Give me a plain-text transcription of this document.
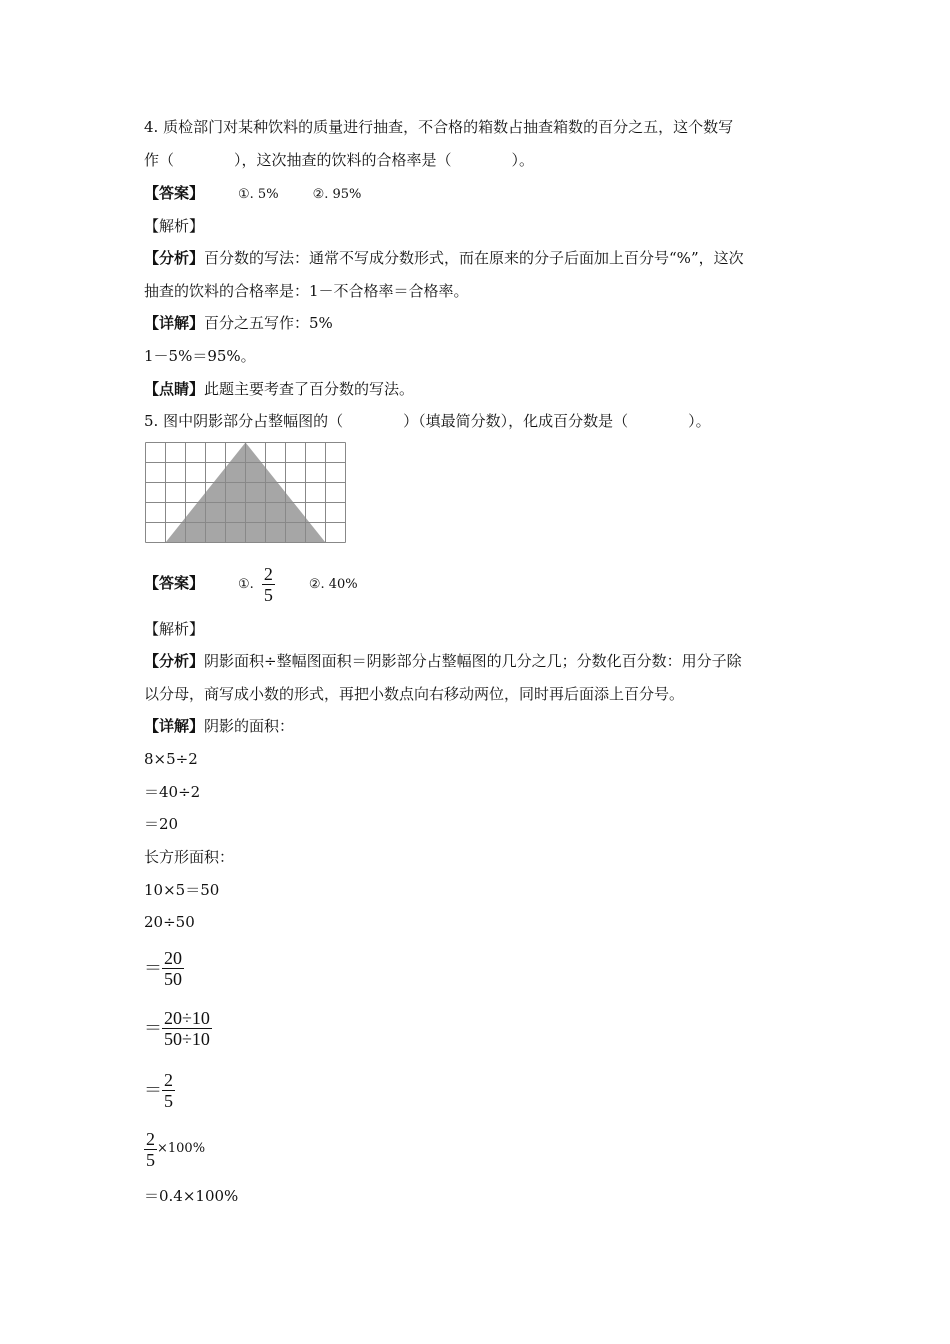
4. 质检部门对某种饮料的质量进行抽查，不合格的箱数占抽查箱数的百分之五，这个数写
作（　　　　），这次抽查的饮料的合格率是（　　　　）。
【答案】	①. 5%	②. 95%
【解析】
【分析】百分数的写法：通常不写成分数形式，而在原来的分子后面加上百分号“%”，这次
抽查的饮料的合格率是：1－不合格率＝合格率。
【详解】百分之五写作：5%
1－5%＝95%。
【点睛】此题主要考查了百分数的写法。
5. 图中阴影部分占整幅图的（　　　　）（填最简分数），化成百分数是（　　　　）。
【答案】	①. $\frac{2}{5}$	②. 40%
【解析】
【分析】阴影面积÷整幅图面积＝阴影部分占整幅图的几分之几；分数化百分数：用分子除
以分母，商写成小数的形式，再把小数点向右移动两位，同时再后面添上百分号。
【详解】阴影的面积：
8×5÷2
＝40÷2
＝20
长方形面积：
10×5＝50
20÷50
＝ $\frac{20}{50}$
＝ $\frac{20\div 10}{50\div 10}$
＝ $\frac{2}{5}$
$\frac{2}{5} \times 100\%$
＝0.4×100%
